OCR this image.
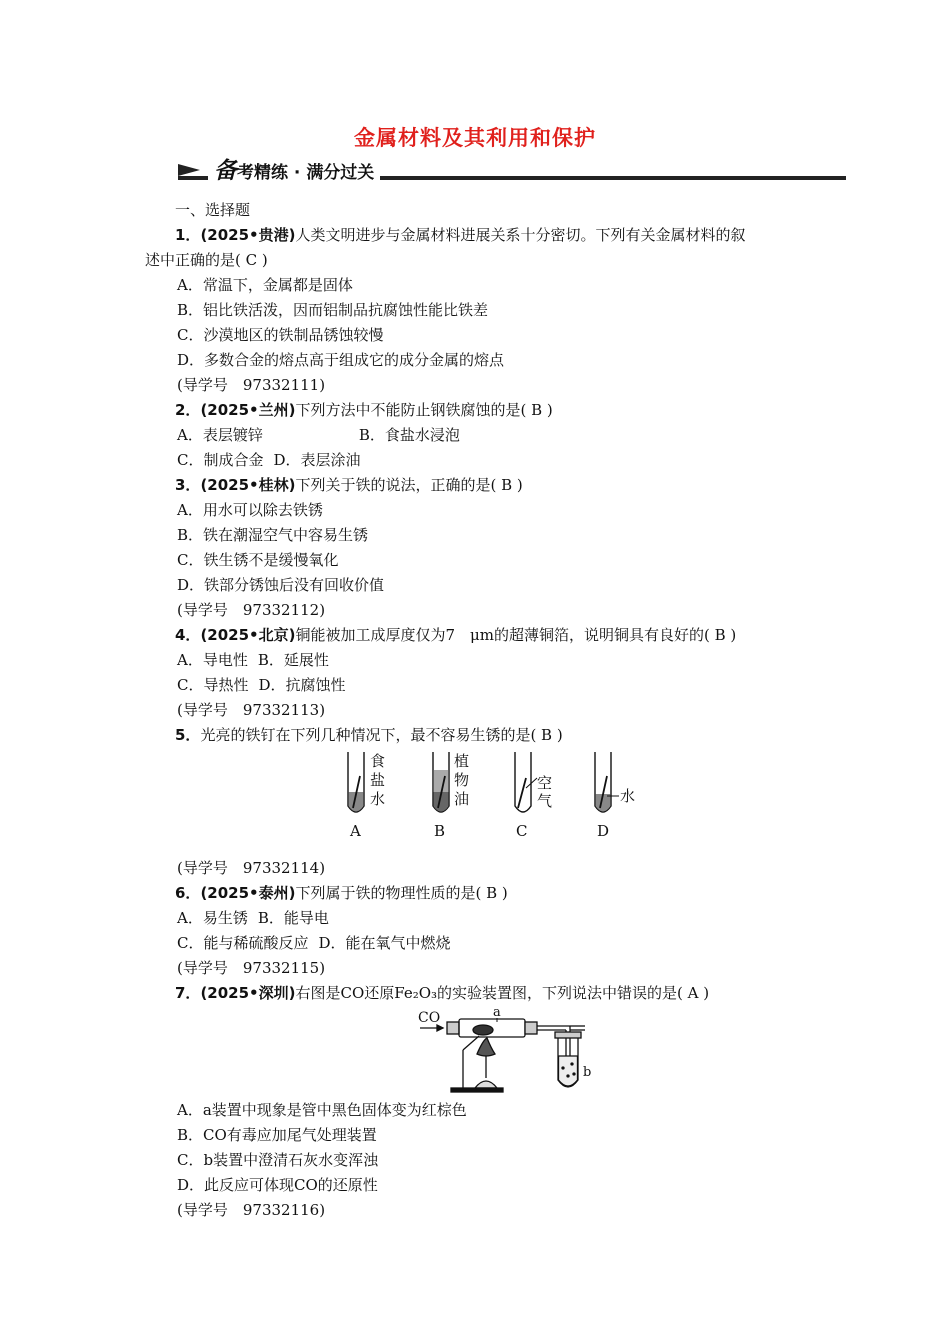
金属材料及其利用和保护
备考精练 · 满分过关
一、选择题
1．(2025•贵港)人类文明进步与金属材料进展关系十分密切。下列有关金属材料的叙
述中正确的是( C )
A．常温下，金属都是固体
B．铝比铁活泼，因而铝制品抗腐蚀性能比铁差
C．沙漠地区的铁制品锈蚀较慢
D．多数合金的熔点高于组成它的成分金属的熔点
(导学号　97332111)
2．(2025•兰州)下列方法中不能防止钢铁腐蚀的是( B )
A．表层镀锌	B．食盐水浸泡
C．制成合金 D．表层涂油
3．(2025•桂林)下列关于铁的说法，正确的是( B )
A．用水可以除去铁锈
B．铁在潮湿空气中容易生锈
C．铁生锈不是缓慢氧化
D．铁部分锈蚀后没有回收价值
(导学号　97332112)
4．(2025•北京)铜能被加工成厚度仅为7　μm的超薄铜箔，说明铜具有良好的( B )
A．导电性 B．延展性
C．导热性 D．抗腐蚀性
(导学号　97332113)
5．光亮的铁钉在下列几种情况下，最不容易生锈的是( B )
食
盐
水
植
物
油
空
气	水
A	B	C	D
(导学号　97332114)
6．(2025•泰州)下列属于铁的物理性质的是( B )
A．易生锈 B．能导电
C．能与稀硫酸反应 D．能在氧气中燃烧
(导学号　97332115)
7．(2025•深圳)右图是CO还原Fe₂O₃的实验装置图，下列说法中错误的是( A )
CO	a
b
A．a装置中现象是管中黑色固体变为红棕色
B．CO有毒应加尾气处理装置
C．b装置中澄清石灰水变浑浊
D．此反应可体现CO的还原性
(导学号　97332116)
